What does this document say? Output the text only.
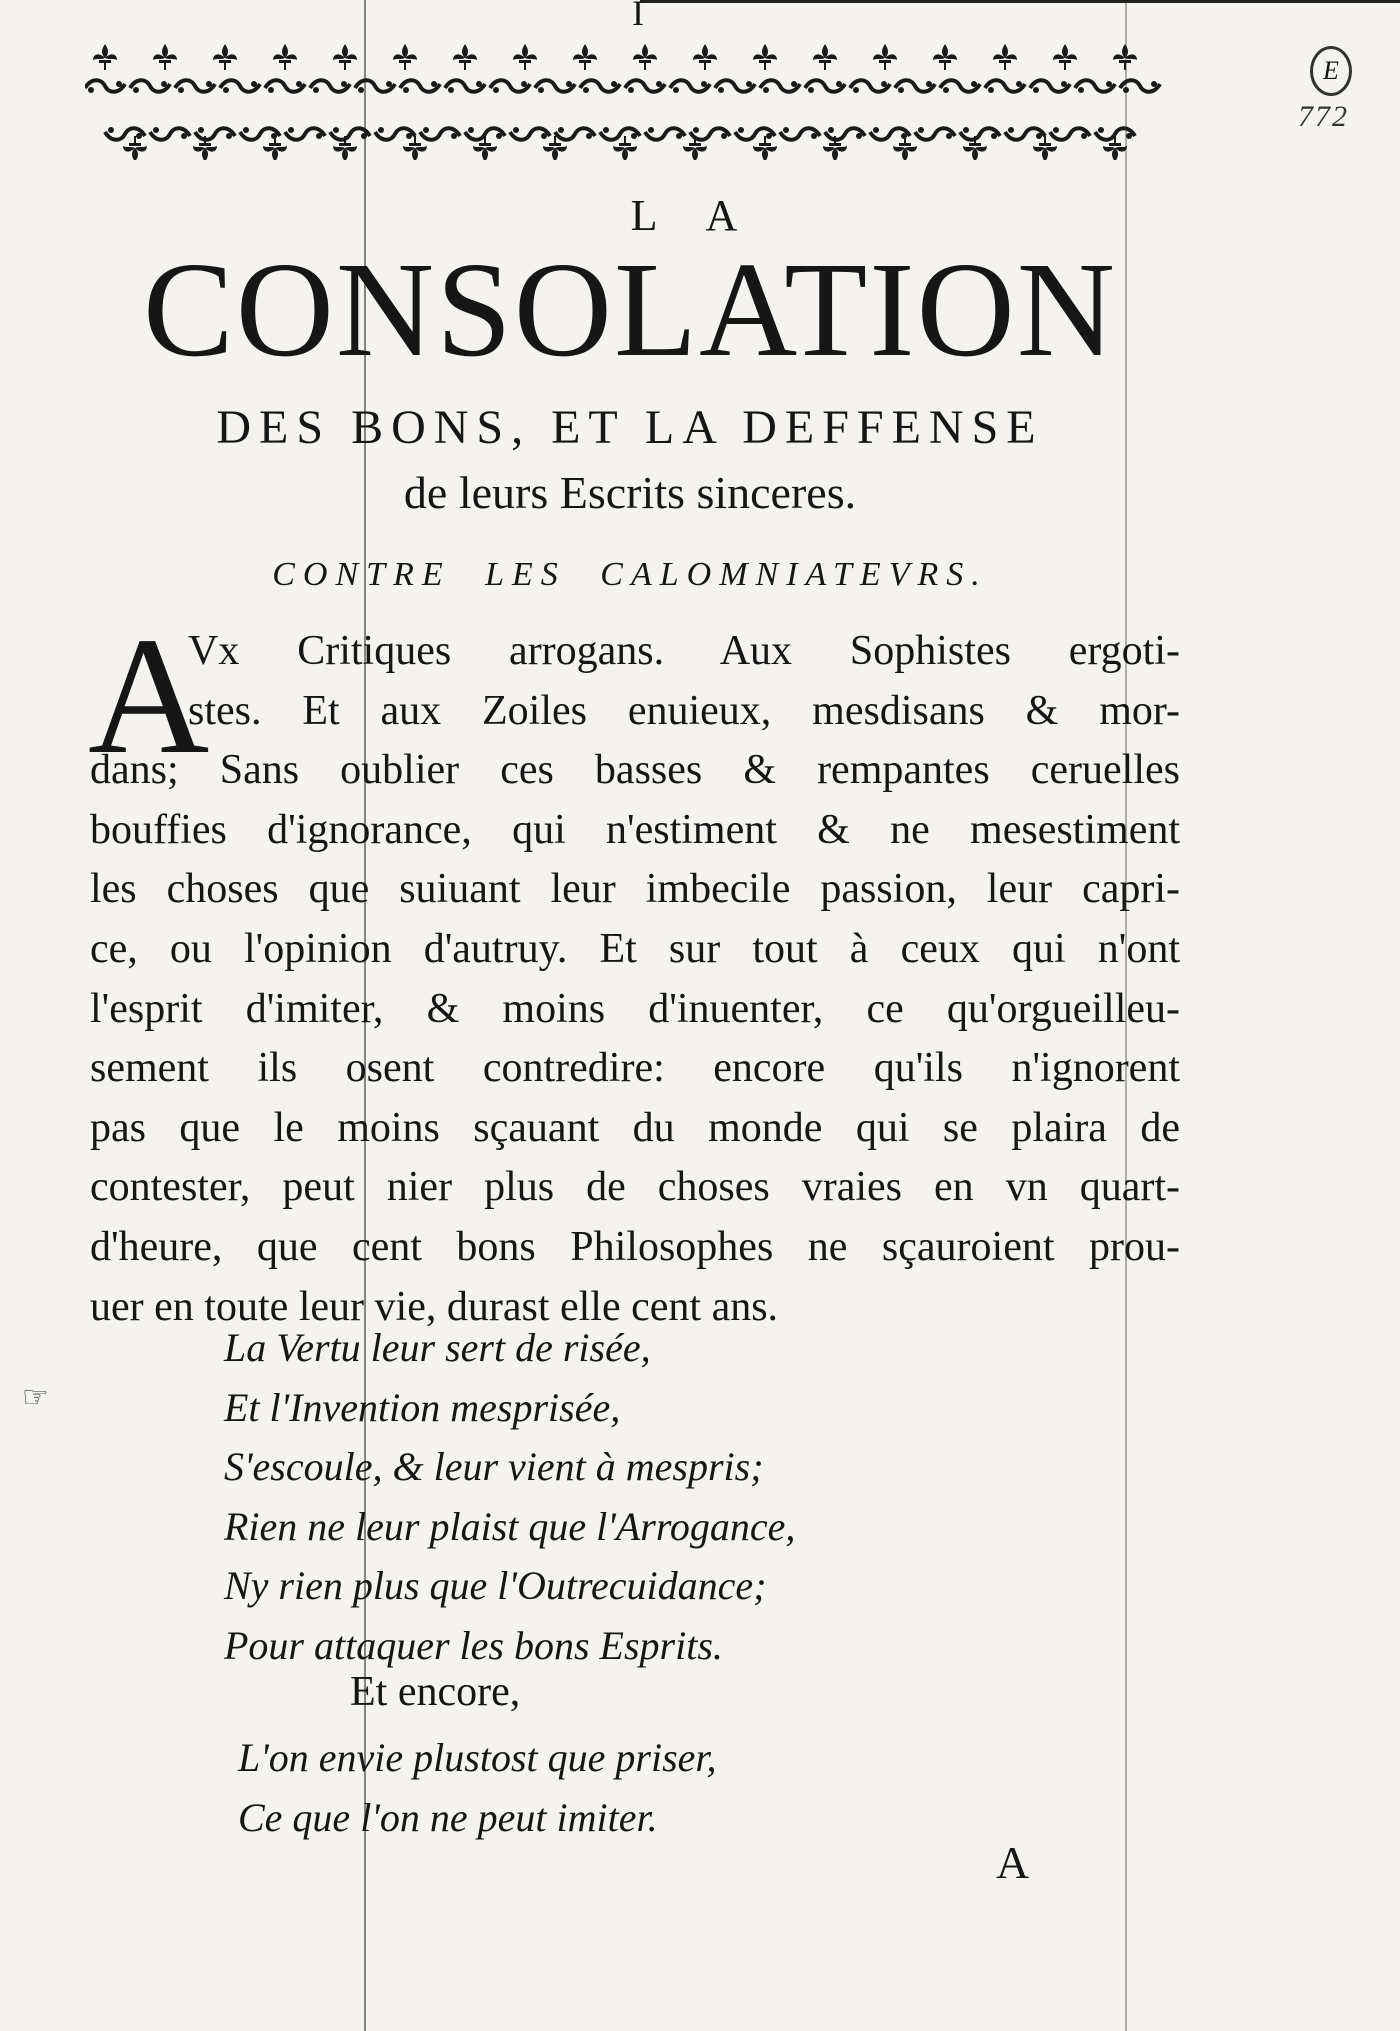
I
E
772
LA
CONSOLATION
DES BONS, ET LA DEFFENSE
de leurs Escrits sinceres.
CONTRE LES CALOMNIATEVRS.
A
Vx Critiques arrogans. Aux Sophistes ergoti-
stes. Et aux Zoiles enuieux, mesdisans & mor-
dans; Sans oublier ces basses & rempantes ceruelles
bouffies d'ignorance, qui n'estiment & ne mesestiment
les choses que suiuant leur imbecile passion, leur capri-
ce, ou l'opinion d'autruy. Et sur tout à ceux qui n'ont
l'esprit d'imiter, & moins d'inuenter, ce qu'orgueilleu-
sement ils osent contredire: encore qu'ils n'ignorent
pas que le moins sçauant du monde qui se plaira de
contester, peut nier plus de choses vraies en vn quart-
d'heure, que cent bons Philosophes ne sçauroient prou-
uer en toute leur vie, durast elle cent ans.
☞
La Vertu leur sert de risée,
Et l'Invention mesprisée,
S'escoule, & leur vient à mespris;
Rien ne leur plaist que l'Arrogance,
Ny rien plus que l'Outrecuidance;
Pour attaquer les bons Esprits.
Et encore,
L'on envie plustost que priser,
Ce que l'on ne peut imiter.
A
